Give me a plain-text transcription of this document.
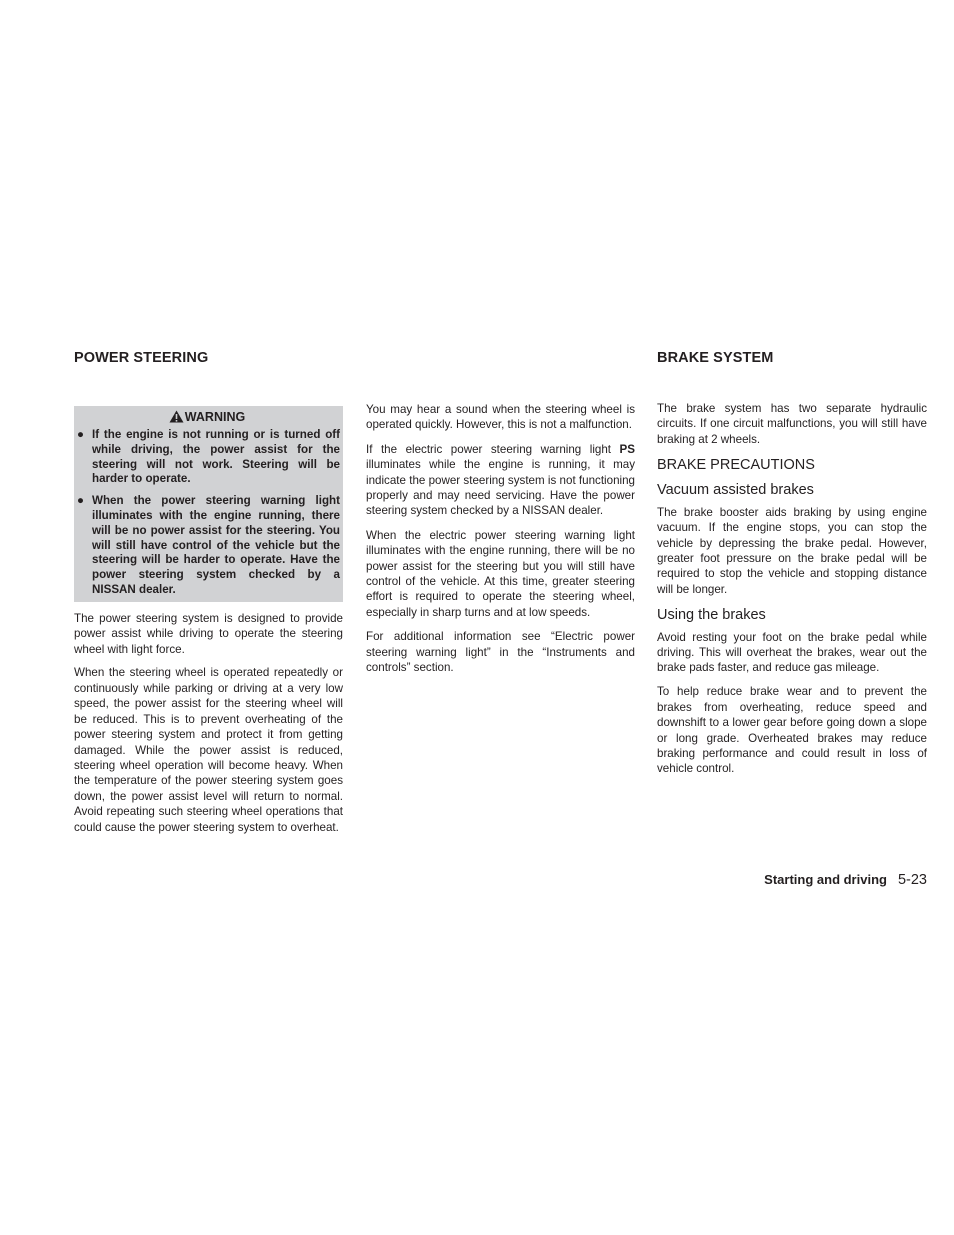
POWER STEERING
WARNING
● If the engine is not running or is turned off while driving, the power assist for the steering will not work. Steering will be harder to operate.
● When the power steering warning light illuminates with the engine running, there will be no power assist for the steering. You will still have control of the vehicle but the steering will be harder to operate. Have the power steering system checked by a NISSAN dealer.

The power steering system is designed to provide power assist while driving to operate the steering wheel with light force.

When the steering wheel is operated repeatedly or continuously while parking or driving at a very low speed, the power assist for the steering wheel will be reduced. This is to prevent overheating of the power steering system and protect it from getting damaged. While the power assist is reduced, steering wheel operation will become heavy. When the temperature of the power steering system goes down, the power assist level will return to normal. Avoid repeating such steering wheel operations that could cause the power steering system to overheat.

You may hear a sound when the steering wheel is operated quickly. However, this is not a malfunction.

If the electric power steering warning light PS illuminates while the engine is running, it may indicate the power steering system is not functioning properly and may need servicing. Have the power steering system checked by a NISSAN dealer.

When the electric power steering warning light illuminates with the engine running, there will be no power assist for the steering but you will still have control of the vehicle. At this time, greater steering effort is required to operate the steering wheel, especially in sharp turns and at low speeds.

For additional information see “Electric power steering warning light” in the “Instruments and controls” section.

BRAKE SYSTEM

The brake system has two separate hydraulic circuits. If one circuit malfunctions, you will still have braking at 2 wheels.

BRAKE PRECAUTIONS
Vacuum assisted brakes

The brake booster aids braking by using engine vacuum. If the engine stops, you can stop the vehicle by depressing the brake pedal. However, greater foot pressure on the brake pedal will be required to stop the vehicle and stopping distance will be longer.

Using the brakes

Avoid resting your foot on the brake pedal while driving. This will overheat the brakes, wear out the brake pads faster, and reduce gas mileage.

To help reduce brake wear and to prevent the brakes from overheating, reduce speed and downshift to a lower gear before going down a slope or long grade. Overheated brakes may reduce braking performance and could result in loss of vehicle control.

Starting and driving 5-23
